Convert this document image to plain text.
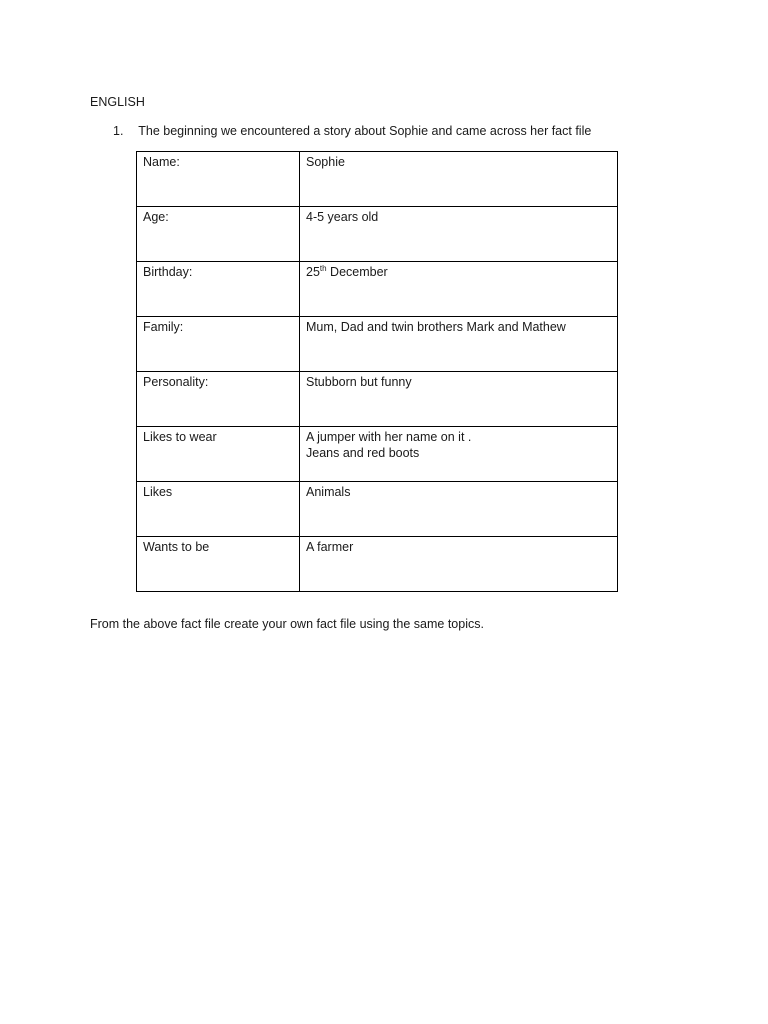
ENGLISH
1. The beginning we encountered a story about Sophie and came across her fact file
Name:	Sophie
Age:	4-5 years old
Birthday:	25th December
Family:	Mum, Dad and twin brothers Mark and Mathew
Personality:	Stubborn but funny
Likes to wear	A jumper with her name on it .
Jeans and red boots

Likes	Animals
Wants to be	A farmer
From the above fact file create your own fact file using the same topics.
